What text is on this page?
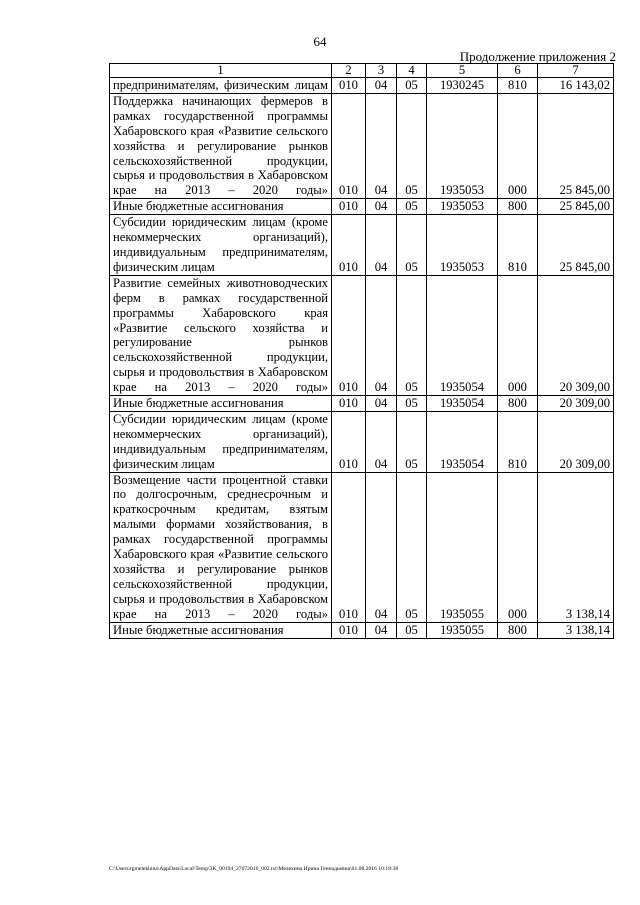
64
Продолжение приложения 2
1	2	3	4	5	6	7
предпринимателям, физическим лицам	010	04	05	1930245	810	16 143,02
Поддержка начинающих фермеров в рамках государственной программы Хабаровского края «Развитие сельского хозяйства и регулирование рынков сельскохозяйственной продукции, сырья и продовольствия в Хабаровском крае на 2013 – 2020 годы»	010	04	05	1935053	000	25 845,00
Иные бюджетные ассигнования	010	04	05	1935053	800	25 845,00
Субсидии юридическим лицам (кроме некоммерческих организаций), индивидуальным предпринимателям, физическим лицам	010	04	05	1935053	810	25 845,00
Развитие семейных животноводческих ферм в рамках государственной программы Хабаровского края «Развитие сельского хозяйства и регулирование рынков сельскохозяйственной продукции, сырья и продовольствия в Хабаровском крае на 2013 – 2020 годы»	010	04	05	1935054	000	20 309,00
Иные бюджетные ассигнования	010	04	05	1935054	800	20 309,00
Субсидии юридическим лицам (кроме некоммерческих организаций), индивидуальным предпринимателям, физическим лицам	010	04	05	1935054	810	20 309,00
Возмещение части процентной ставки по долгосрочным, среднесрочным и краткосрочным кредитам, взятым малыми формами хозяйствования, в рамках государственной программы Хабаровского края «Развитие сельского хозяйства и регулирование рынков сельскохозяйственной продукции, сырья и продовольствия в Хабаровском крае на 2013 – 2020 годы»	010	04	05	1935055	000	3 138,14
Иные бюджетные ассигнования	010	04	05	1935055	800	3 138,14
C:\Users\tgmelekhina\AppData\Local\Temp\3K_00194_27072016_002.txt\Мелехина Ирина Геннадьевна\01.08.2016 10:18:38
